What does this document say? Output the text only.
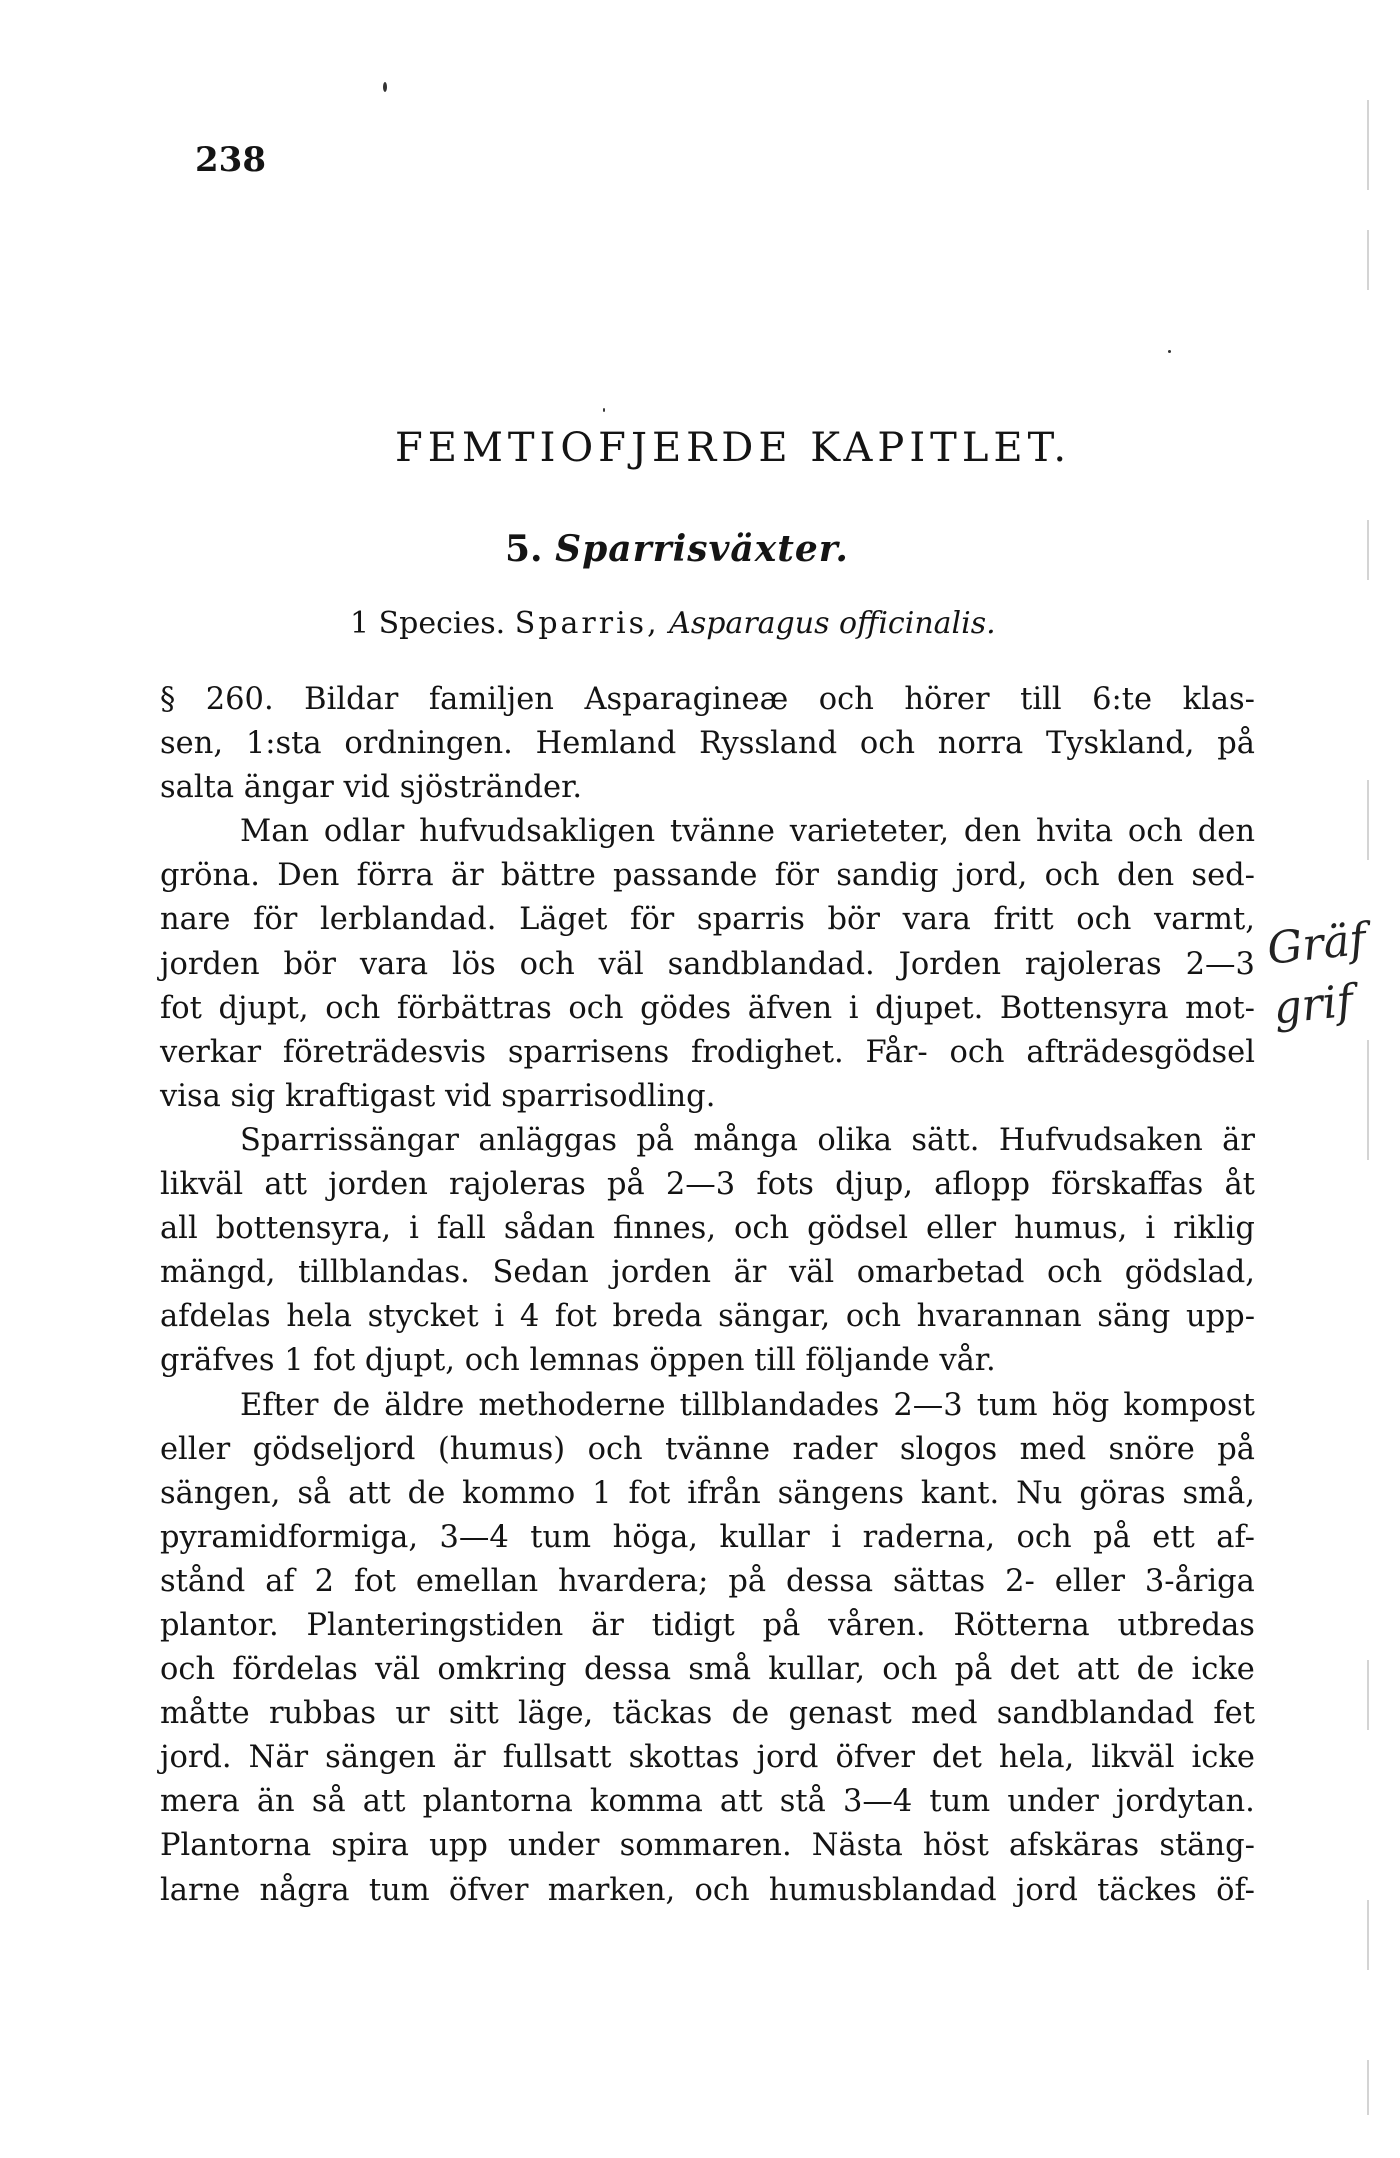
238
FEMTIOFJERDE KAPITLET.
5. Sparrisväxter.
1 Species. Sparris, Asparagus officinalis.
§ 260. Bildar familjen Asparagineæ och hörer till 6:te klas-
sen, 1:sta ordningen. Hemland Ryssland och norra Tyskland, på
salta ängar vid sjöstränder.
Man odlar hufvudsakligen tvänne varieteter, den hvita och den
gröna. Den förra är bättre passande för sandig jord, och den sed-
nare för lerblandad. Läget för sparris bör vara fritt och varmt,
jorden bör vara lös och väl sandblandad. Jorden rajoleras 2—3
fot djupt, och förbättras och gödes äfven i djupet. Bottensyra mot-
verkar företrädesvis sparrisens frodighet. Får- och afträdesgödsel
visa sig kraftigast vid sparrisodling.
Sparrissängar anläggas på många olika sätt. Hufvudsaken är
likväl att jorden rajoleras på 2—3 fots djup, aflopp förskaffas åt
all bottensyra, i fall sådan finnes, och gödsel eller humus, i riklig
mängd, tillblandas. Sedan jorden är väl omarbetad och gödslad,
afdelas hela stycket i 4 fot breda sängar, och hvarannan säng upp-
gräfves 1 fot djupt, och lemnas öppen till följande vår.
Efter de äldre methoderne tillblandades 2—3 tum hög kompost
eller gödseljord (humus) och tvänne rader slogos med snöre på
sängen, så att de kommo 1 fot ifrån sängens kant. Nu göras små,
pyramidformiga, 3—4 tum höga, kullar i raderna, och på ett af-
stånd af 2 fot emellan hvardera; på dessa sättas 2- eller 3-åriga
plantor. Planteringstiden är tidigt på våren. Rötterna utbredas
och fördelas väl omkring dessa små kullar, och på det att de icke
måtte rubbas ur sitt läge, täckas de genast med sandblandad fet
jord. När sängen är fullsatt skottas jord öfver det hela, likväl icke
mera än så att plantorna komma att stå 3—4 tum under jordytan.
Plantorna spira upp under sommaren. Nästa höst afskäras stäng-
larne några tum öfver marken, och humusblandad jord täckes öf-
Gräf grif
